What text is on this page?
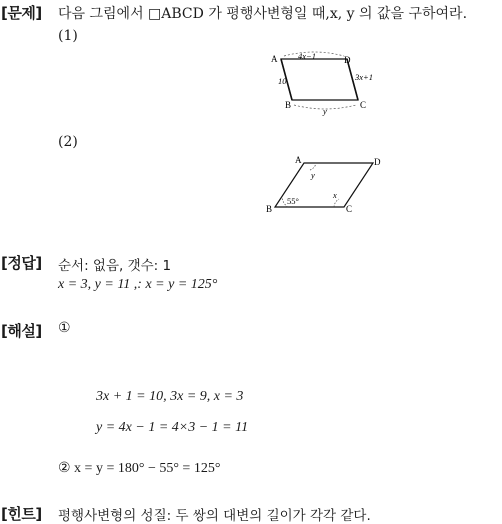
[문제] 다음 그림에서 □ABCD 가 평행사변형일 때,x, y 의 값을 구하여라.
(1)
A	D
B	C
4x−1
10	3x+1
y
(2)
A	D
B	C
55°
y
x
[정답] 순서: 없음, 갯수: 1
x = 3, y = 11 ,: x = y = 125°
[해설] ①
3x + 1 = 10, 3x = 9, x = 3
y = 4x − 1 = 4×3 − 1 = 11
② x = y = 180° − 55° = 125°
[힌트] 평행사변형의 성질: 두 쌍의 대변의 길이가 각각 같다.
